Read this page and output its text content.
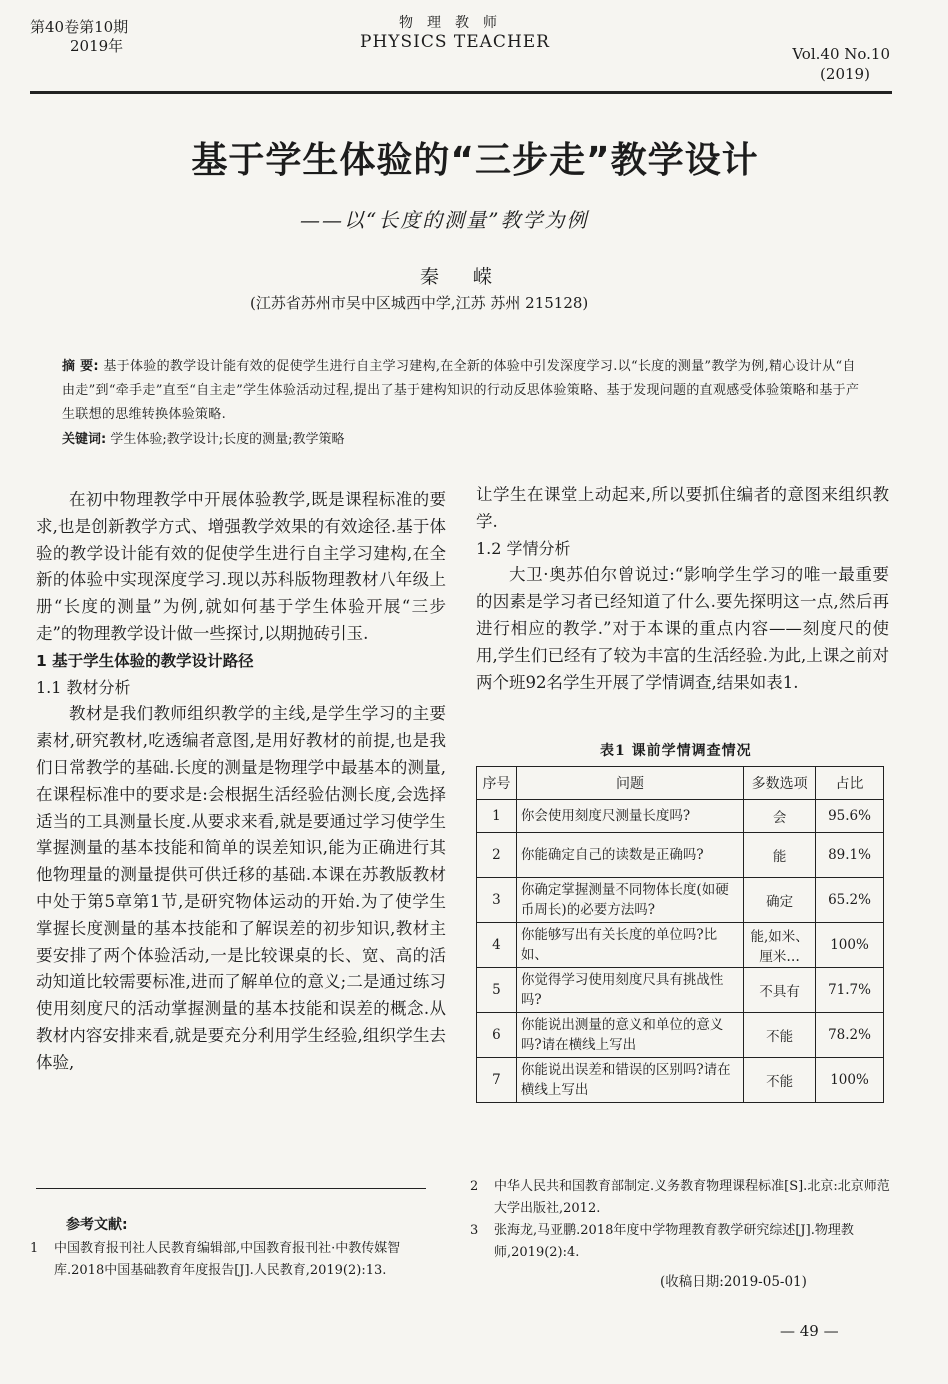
第40卷第10期
2019年
物理教师
PHYSICS TEACHER
Vol.40 No.10
(2019)
基于学生体验的“三步走”教学设计
——以“长度的测量”教学为例
秦 嵘
(江苏省苏州市吴中区城西中学,江苏 苏州 215128)
摘 要: 基于体验的教学设计能有效的促使学生进行自主学习建构,在全新的体验中引发深度学习.以“长度的测量”教学为例,精心设计从“自由走”到“牵手走”直至“自主走”学生体验活动过程,提出了基于建构知识的行动反思体验策略、基于发现问题的直观感受体验策略和基于产生联想的思维转换体验策略.
关键词: 学生体验;教学设计;长度的测量;教学策略

在初中物理教学中开展体验教学,既是课程标准的要求,也是创新教学方式、增强教学效果的有效途径.基于体验的教学设计能有效的促使学生进行自主学习建构,在全新的体验中实现深度学习.现以苏科版物理教材八年级上册“长度的测量”为例,就如何基于学生体验开展“三步走”的物理教学设计做一些探讨,以期抛砖引玉.

1 基于学生体验的教学设计路径

1.1 教材分析

教材是我们教师组织教学的主线,是学生学习的主要素材,研究教材,吃透编者意图,是用好教材的前提,也是我们日常教学的基础.长度的测量是物理学中最基本的测量,在课程标准中的要求是:会根据生活经验估测长度,会选择适当的工具测量长度.从要求来看,就是要通过学习使学生掌握测量的基本技能和简单的误差知识,能为正确进行其他物理量的测量提供可供迁移的基础.本课在苏教版教材中处于第5章第1节,是研究物体运动的开始.为了使学生掌握长度测量的基本技能和了解误差的初步知识,教材主要安排了两个体验活动,一是比较课桌的长、宽、高的活动知道比较需要标准,进而了解单位的意义;二是通过练习使用刻度尺的活动掌握测量的基本技能和误差的概念.从教材内容安排来看,就是要充分利用学生经验,组织学生去体验,

让学生在课堂上动起来,所以要抓住编者的意图来组织教学.

1.2 学情分析

大卫·奥苏伯尔曾说过:“影响学生学习的唯一最重要的因素是学习者已经知道了什么.要先探明这一点,然后再进行相应的教学.”对于本课的重点内容——刻度尺的使用,学生们已经有了较为丰富的生活经验.为此,上课之前对两个班92名学生开展了学情调查,结果如表1.

表1 课前学情调查情况
序号	问题	多数选项	占比
1	你会使用刻度尺测量长度吗?	会	95.6%
2	你能确定自己的读数是正确吗?	能	89.1%
3	你确定掌握测量不同物体长度(如硬币周长)的必要方法吗?	确定	65.2%
4	你能够写出有关长度的单位吗?比如、	能,如米、厘米…	100%
5	你觉得学习使用刻度尺具有挑战性吗?	不具有	71.7%
6	你能说出测量的意义和单位的意义吗?请在横线上写出	不能	78.2%
7	你能说出误差和错误的区别吗?请在横线上写出	不能	100%
参考文献:
1 中国教育报刊社人民教育编辑部,中国教育报刊社·中教传媒智库.2018中国基础教育年度报告[J].人民教育,2019(2):13.
2 中华人民共和国教育部制定.义务教育物理课程标准[S].北京:北京师范大学出版社,2012.
3 张海龙,马亚鹏.2018年度中学物理教育教学研究综述[J].物理教师,2019(2):4.
(收稿日期:2019-05-01)
— 49 —
